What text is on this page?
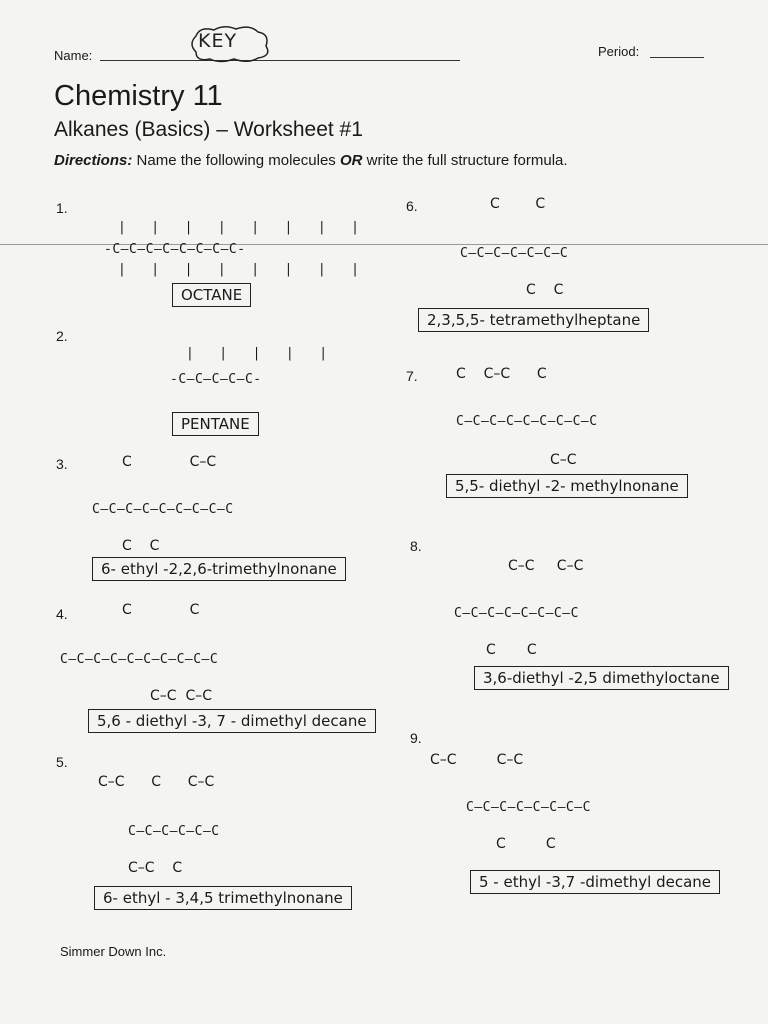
Name:
KEY	Period:
Chemistry 11
Alkanes (Basics) – Worksheet #1
Directions: Name the following molecules OR write the full structure formula.
1.
|   |   |   |   |   |   |   |
-C–C–C–C–C–C–C–C-
|   |   |   |   |   |   |   |
OCTANE
2.
|   |   |   |   |
-C–C–C–C–C-
PENTANE
3.	C             C–C
C–C–C–C–C–C–C–C–C
C    C
6- ethyl -2,2,6-trimethylnonane
4.	C             C
C–C–C–C–C–C–C–C–C–C
C–C  C–C
5,6 - diethyl -3, 7 - dimethyl decane
5.
C–C      C      C–C
C–C–C–C–C–C
C–C    C
6- ethyl - 3,4,5 trimethylnonane
6.	C        C
C–C–C–C–C–C–C
C    C
2,3,5,5- tetramethylheptane
7.	C    C–C      C
C–C–C–C–C–C–C–C–C
C–C
5,5- diethyl -2- methylnonane
8.
C–C     C–C
C–C–C–C–C–C–C–C
C       C
3,6-diethyl -2,5 dimethyloctane
9.
C–C         C–C
C–C–C–C–C–C–C–C
C         C
5 - ethyl -3,7 -dimethyl decane
Simmer Down Inc.
